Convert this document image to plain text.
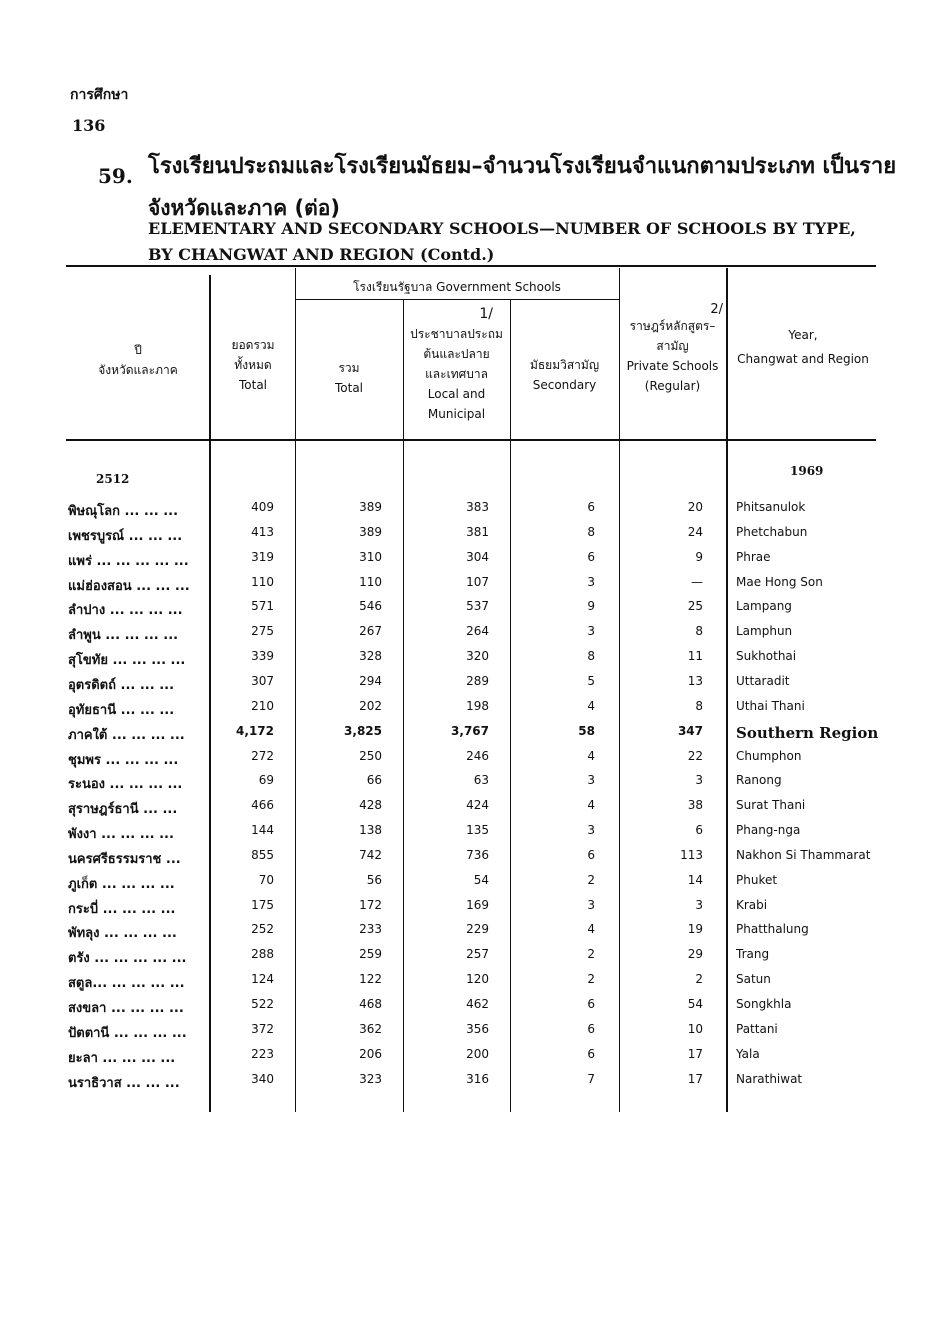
การศึกษา
136
59. โรงเรียนประถมและโรงเรียนมัธยม–จำนวนโรงเรียนจำแนกตามประเภท เป็นราย
จังหวัดและภาค (ต่อ)
ELEMENTARY AND SECONDARY SCHOOLS—NUMBER OF SCHOOLS BY TYPE,
BY CHANGWAT AND REGION (Contd.)
ปี
จังหวัดและภาค
ยอดรวม
ทั้งหมด
Total
โรงเรียนรัฐบาล Government Schools
รวม
Total
1/
ประชาบาลประถม
ต้นและปลาย
และเทศบาล
Local and
Municipal
มัธยมวิสามัญ
Secondary
2/
ราษฎร์หลักสูตร–
สามัญ
Private Schools
(Regular)
Year,
Changwat and Region
2512
1969
พิษณุโลก ... ... ...	409	389	383	6	20	Phitsanulok
เพชรบูรณ์ ... ... ...	413	389	381	8	24	Phetchabun
แพร่ ... ... ... ... ...	319	310	304	6	9	Phrae
แม่ฮ่องสอน ... ... ...	110	110	107	3	—	Mae Hong Son
ลำปาง ... ... ... ...	571	546	537	9	25	Lampang
ลำพูน ... ... ... ...	275	267	264	3	8	Lamphun
สุโขทัย ... ... ... ...	339	328	320	8	11	Sukhothai
อุตรดิตถ์ ... ... ...	307	294	289	5	13	Uttaradit
อุทัยธานี ... ... ...	210	202	198	4	8	Uthai Thani
ภาคใต้ ... ... ... ...	4,172	3,825	3,767	58	347 Southern Region
ชุมพร ... ... ... ...	272	250	246	4	22	Chumphon
ระนอง ... ... ... ...	69	66	63	3	3	Ranong
สุราษฎร์ธานี ... ...	466	428	424	4	38	Surat Thani
พังงา ... ... ... ...	144	138	135	3	6	Phang-nga
นครศรีธรรมราช ...	855	742	736	6	113	Nakhon Si Thammarat
ภูเก็ต ... ... ... ...	70	56	54	2	14	Phuket
กระบี่ ... ... ... ...	175	172	169	3	3	Krabi
พัทลุง ... ... ... ...	252	233	229	4	19	Phatthalung
ตรัง ... ... ... ... ...	288	259	257	2	29	Trang
สตูล... ... ... ... ...	124	122	120	2	2	Satun
สงขลา ... ... ... ...	522	468	462	6	54	Songkhla
ปัตตานี ... ... ... ...	372	362	356	6	10	Pattani
ยะลา ... ... ... ...	223	206	200	6	17	Yala
นราธิวาส ... ... ...	340	323	316	7	17	Narathiwat
